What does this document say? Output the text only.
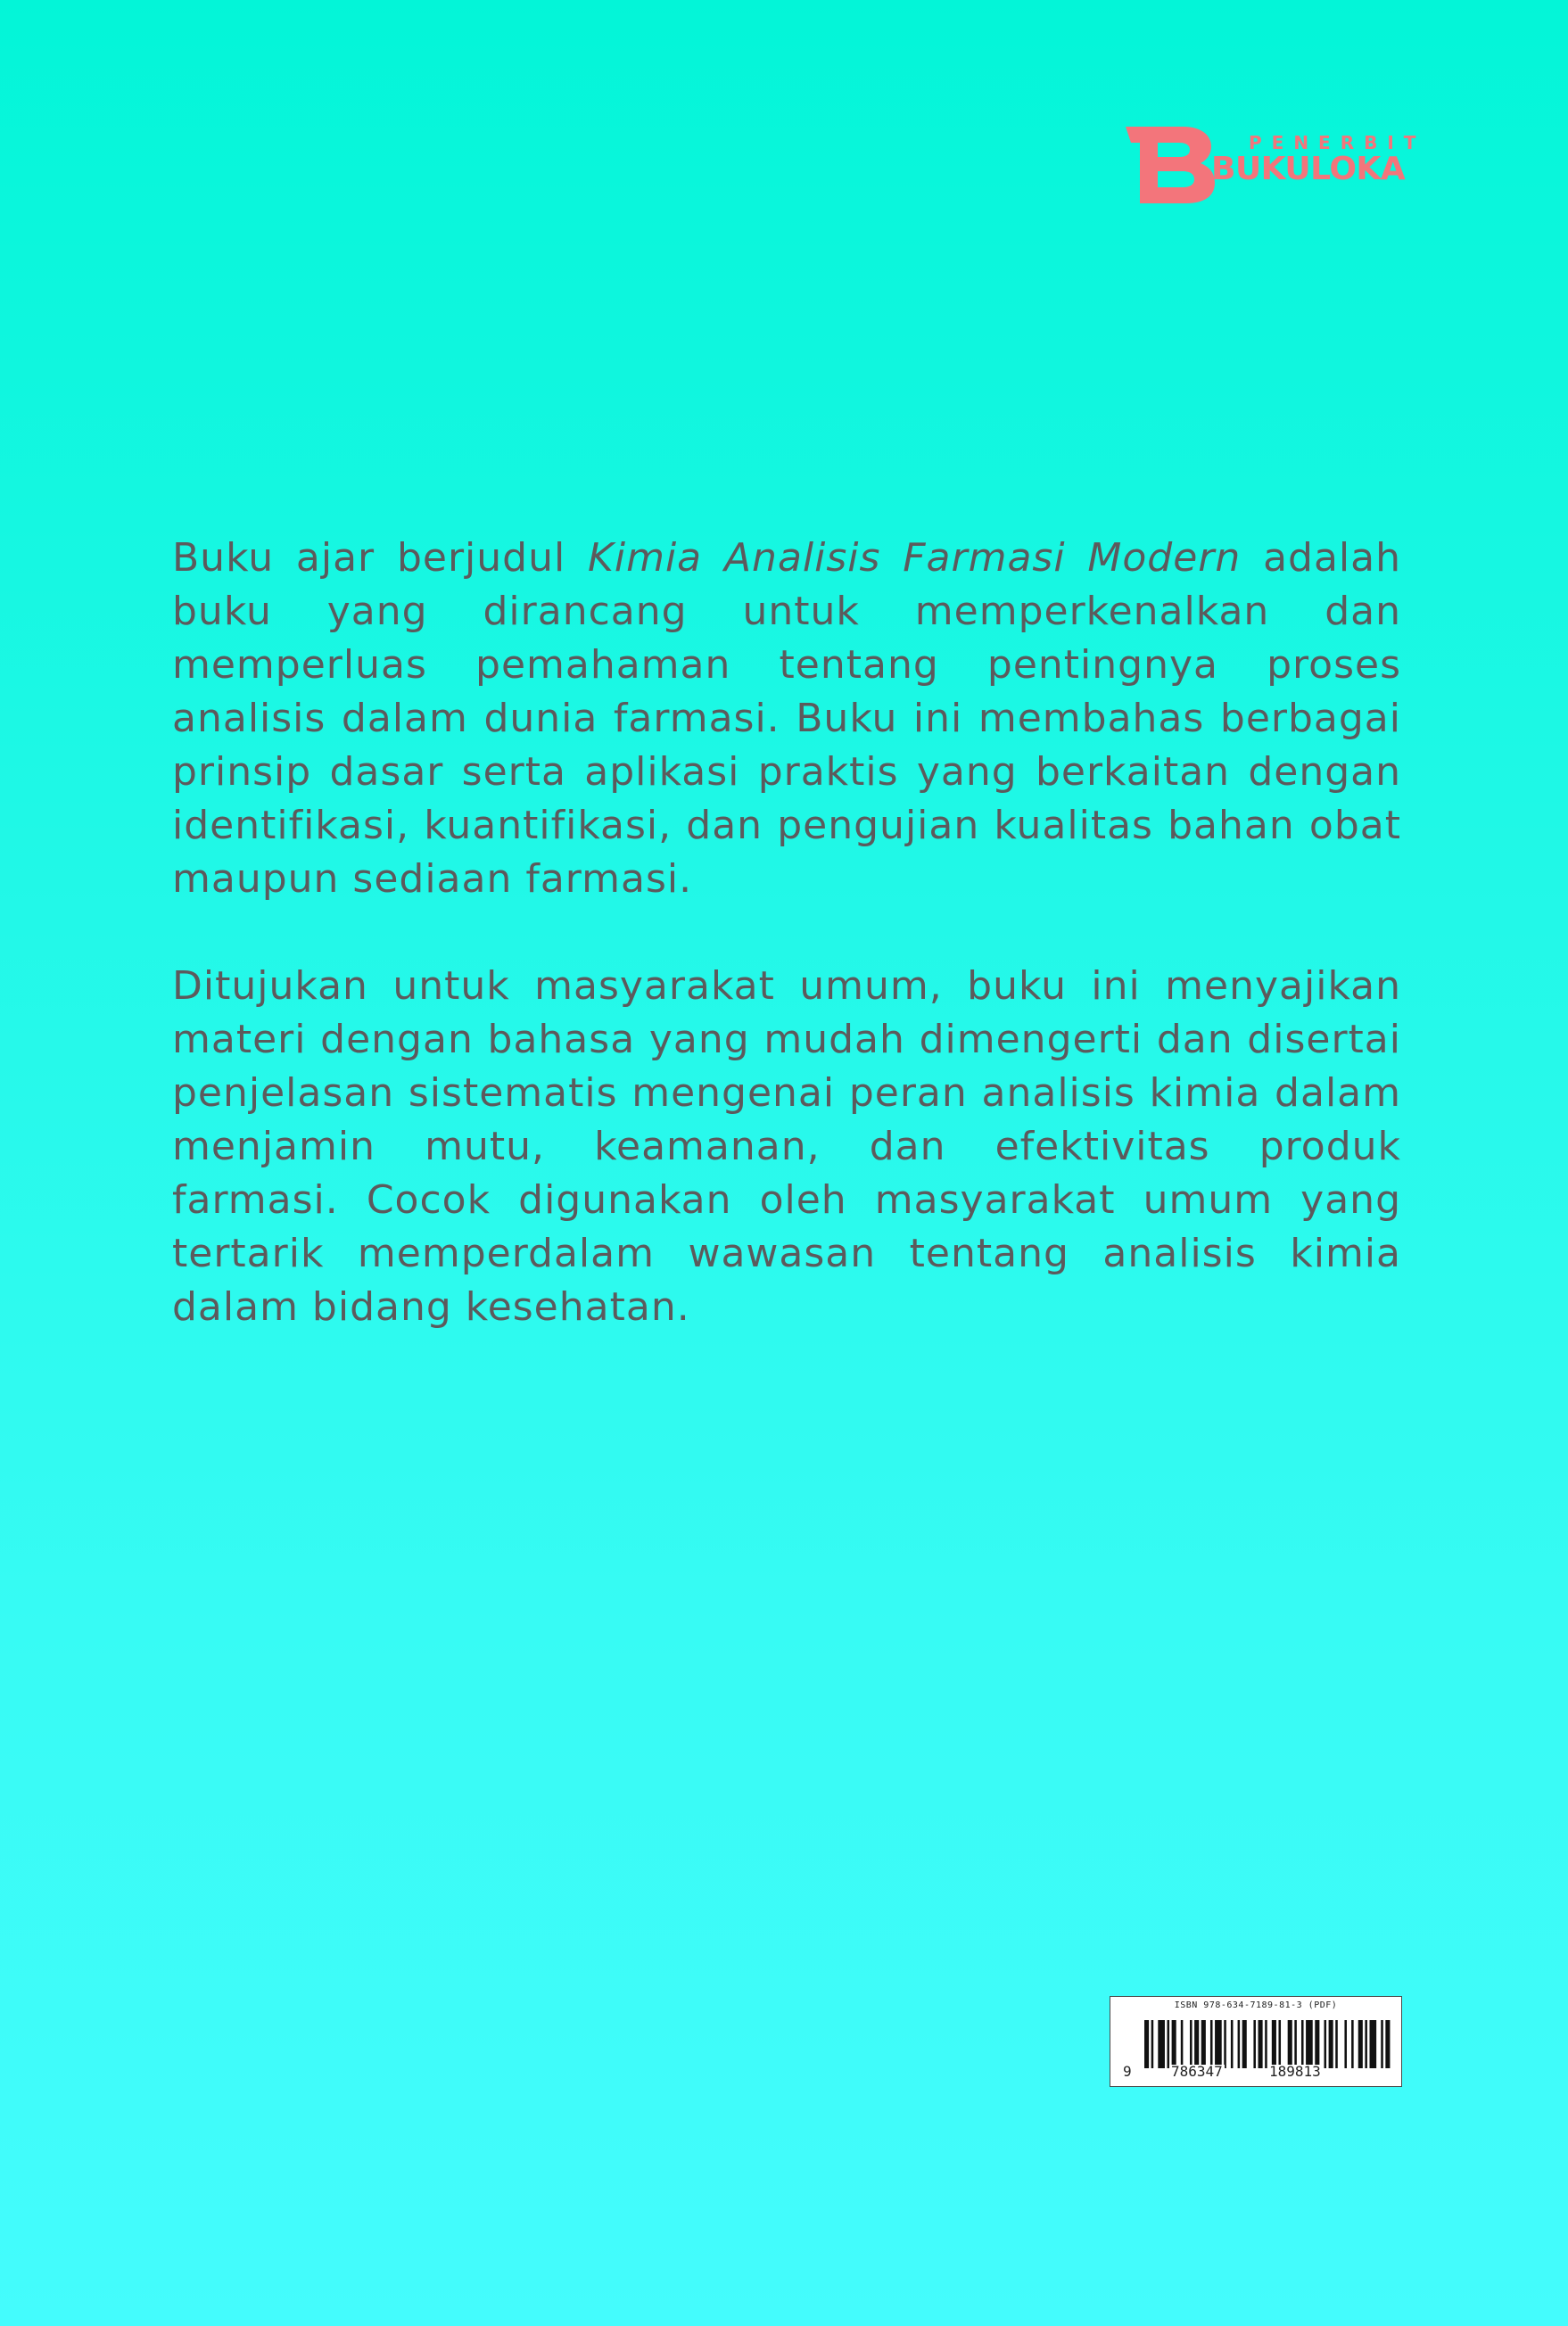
PENERBIT
BUKULOKA

Buku ajar berjudul Kimia Analisis Farmasi Modern adalah buku yang dirancang untuk memperkenalkan dan memperluas pemahaman tentang pentingnya proses analisis dalam dunia farmasi. Buku ini membahas berbagai prinsip dasar serta aplikasi praktis yang berkaitan dengan identifikasi, kuantifikasi, dan pengujian kualitas bahan obat maupun sediaan farmasi.

Ditujukan untuk masyarakat umum, buku ini menyajikan materi dengan bahasa yang mudah dimengerti dan disertai penjelasan sistematis mengenai peran analisis kimia dalam menjamin mutu, keamanan, dan efektivitas produk farmasi. Cocok digunakan oleh masyarakat umum yang tertarik memperdalam wawasan tentang analisis kimia dalam bidang kesehatan.

ISBN 978-634-7189-81-3 (PDF)
9	786347	189813
